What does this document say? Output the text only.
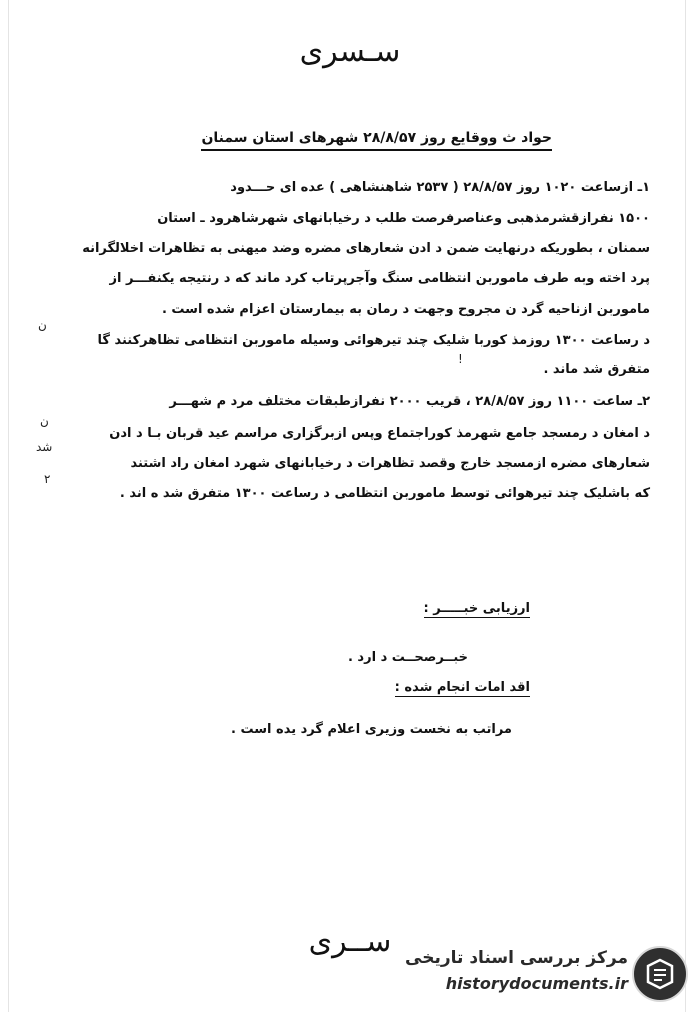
سـسرى
حواد ث ووقایع روز ۲۸/۸/۵۷ شهرهای استان سمنان
۱ـ ازساعت ۱۰۲۰ روز ۲۸/۸/۵۷ ( ۲۵۳۷ شاهنشاهی ) عده ای حـــدود
۱۵۰۰ نفرازقشرمذهبی وعناصرفرصت طلب د رخیابانهای شهرشاهرود ـ استان
سمنان ، بطوریکه درنهایت ضمن د ادن شعارهای مضره وضد میهنی به تظاهرات اخلالگرانه
پرد اخته وبه طرف ماموربن انتظامی سنگ وآجرپرتاب کرد ماند که د رنتیجه یکنفـــر از
ماموربن ازناحیه گرد ن مجروح وجهت د رمان به بیمارستان اعزام شده است .
د رساعت ۱۳۰۰ روزمذ کوربا شلیک چند تیرهوائی وسیله ماموربن انتظامی تظاهرکنند گا
متفرق شد ماند .
۲ـ ساعت ۱۱۰۰ روز ۲۸/۸/۵۷ ، قریب ۲۰۰۰ نفرازطبقات مختلف مرد م شهـــر
د امغان د رمسجد جامع شهرمذ کوراجتماع وپس ازبرگزاری مراسم عید قربان بـا د ادن
شعارهای مضره ازمسجد خارج وقصد تظاهرات د رخیابانهای شهرد امغان راد اشتند
که باشلیک چند تیرهوائی توسط ماموربن انتظامی د رساعت ۱۳۰۰ متفرق شد ه اند .
ن
!
ن
۲
شد
ارزیابی خبـــــر :
خبــرصحــت د ارد .
اقد امات انجام شده :
مراتب به نخست وزیری اعلام گرد یده است .
ســرى مرکز بررسی اسناد تاریخی
historydocuments.ir
